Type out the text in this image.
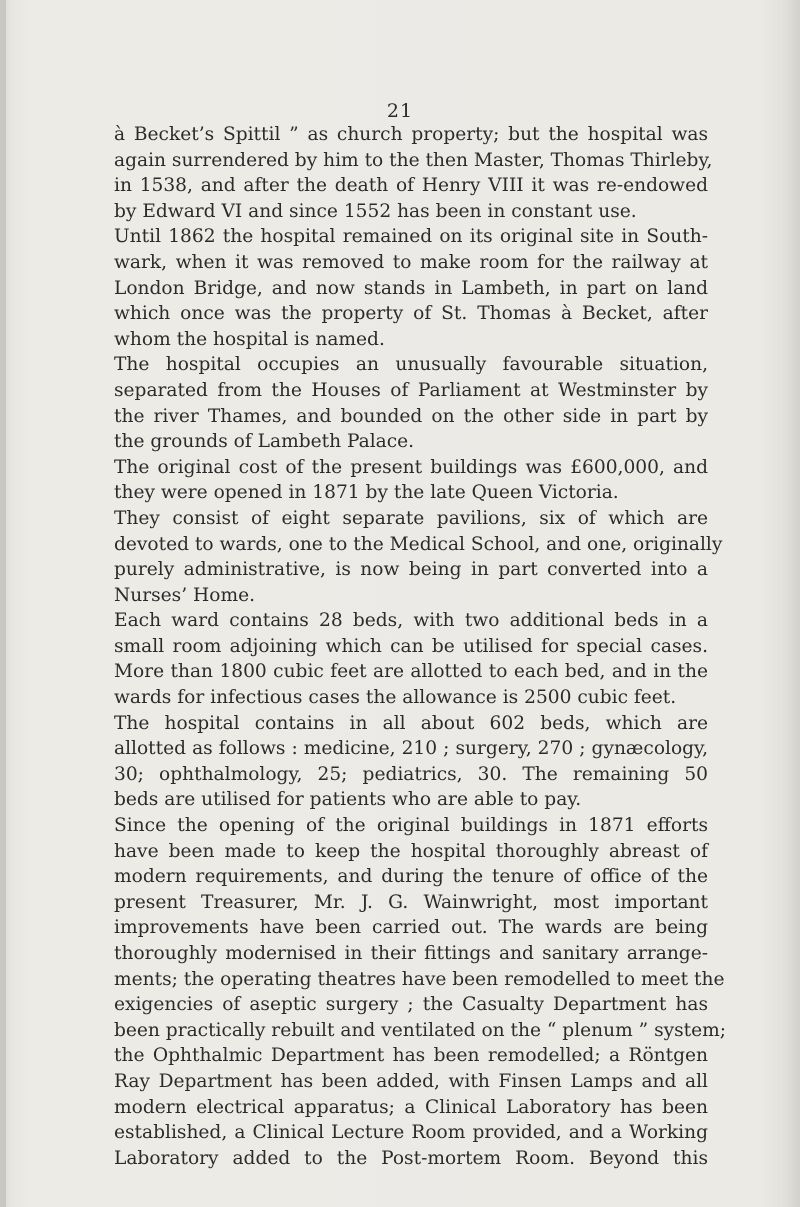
21
à Becket’s Spittil ” as church property; but the hospital was
again surrendered by him to the then Master, Thomas Thirleby,
in 1538, and after the death of Henry VIII it was re-endowed
by Edward VI and since 1552 has been in constant use.
Until 1862 the hospital remained on its original site in South-
wark, when it was removed to make room for the railway at
London Bridge, and now stands in Lambeth, in part on land
which once was the property of St. Thomas à Becket, after
whom the hospital is named.
The hospital occupies an unusually favourable situation,
separated from the Houses of Parliament at Westminster by
the river Thames, and bounded on the other side in part by
the grounds of Lambeth Palace.
The original cost of the present buildings was £600,000, and
they were opened in 1871 by the late Queen Victoria.
They consist of eight separate pavilions, six of which are
devoted to wards, one to the Medical School, and one, originally
purely administrative, is now being in part converted into a
Nurses’ Home.
Each ward contains 28 beds, with two additional beds in a
small room adjoining which can be utilised for special cases.
More than 1800 cubic feet are allotted to each bed, and in the
wards for infectious cases the allowance is 2500 cubic feet.
The hospital contains in all about 602 beds, which are
allotted as follows : medicine, 210 ; surgery, 270 ; gynæcology,
30; ophthalmology, 25; pediatrics, 30. The remaining 50
beds are utilised for patients who are able to pay.
Since the opening of the original buildings in 1871 efforts
have been made to keep the hospital thoroughly abreast of
modern requirements, and during the tenure of office of the
present Treasurer, Mr. J. G. Wainwright, most important
improvements have been carried out. The wards are being
thoroughly modernised in their fittings and sanitary arrange-
ments; the operating theatres have been remodelled to meet the
exigencies of aseptic surgery ; the Casualty Department has
been practically rebuilt and ventilated on the “ plenum ” system;
the Ophthalmic Department has been remodelled; a Röntgen
Ray Department has been added, with Finsen Lamps and all
modern electrical apparatus; a Clinical Laboratory has been
established, a Clinical Lecture Room provided, and a Working
Laboratory added to the Post-mortem Room. Beyond this
